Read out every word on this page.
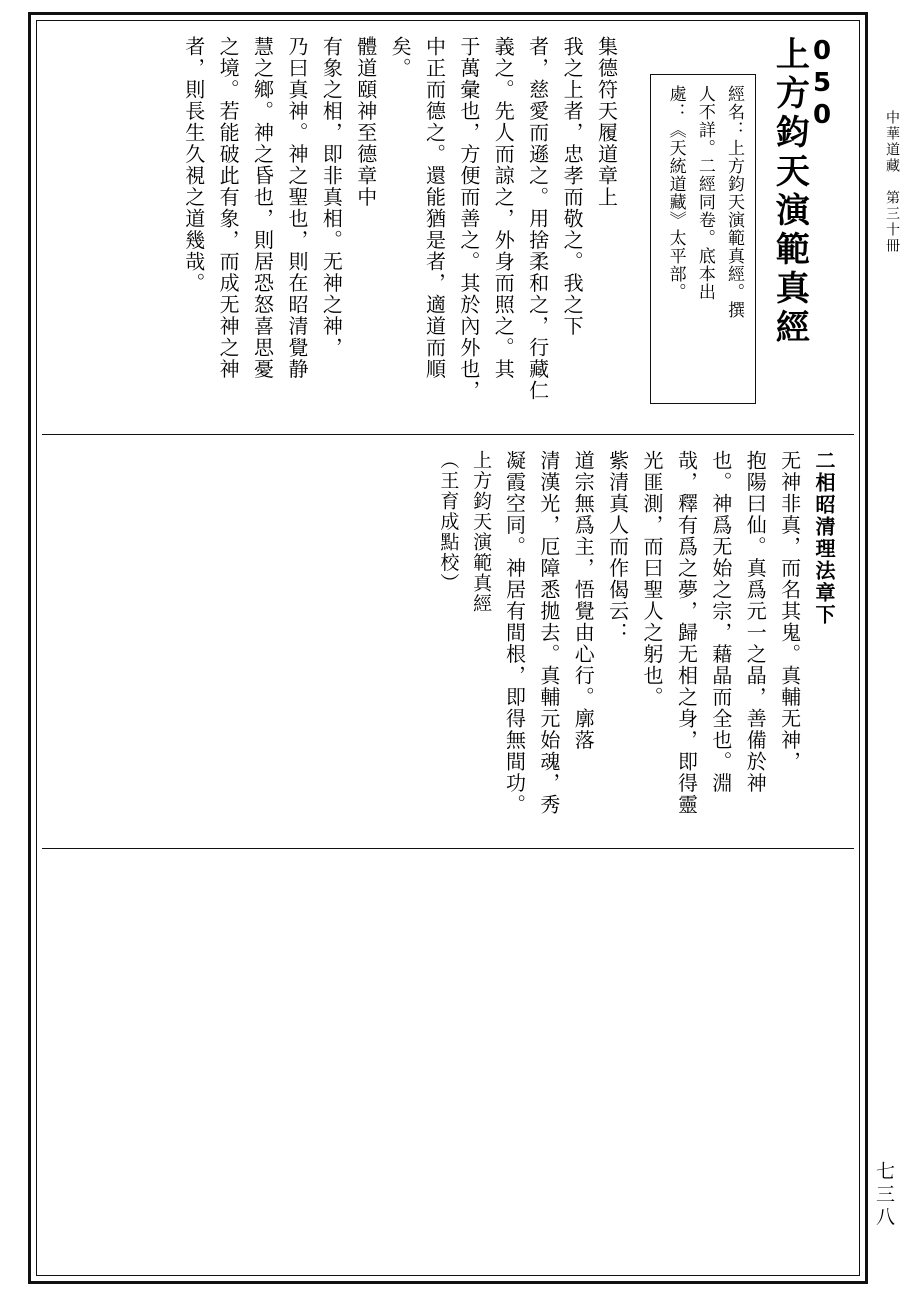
中華道藏　第三十冊
七三八
050
上方鈞天演範真經
經名：上方鈞天演範真經。撰
人不詳。二經同卷。底本出
處：《天統道藏》太平部。
集德符天履道章上
我之上者，忠孝而敬之。我之下
者，慈愛而遜之。用捨柔和之，行藏仁
義之。先人而諒之，外身而照之。其
于萬彙也，方便而善之。其於內外也，
中正而德之。還能猶是者，適道而順
矣。
體道頤神至德章中
有象之相，即非真相。无神之神，
乃曰真神。神之聖也，則在昭清覺静
慧之鄉。神之昏也，則居恐怒喜思憂
之境。若能破此有象，而成无神之神
者，則長生久視之道幾哉。
二相昭清理法章下
无神非真，而名其鬼。真輔无神，
抱陽曰仙。真爲元一之晶，善備於神
也。神爲无始之宗，藉晶而全也。淵
哉，釋有爲之夢，歸无相之身，即得靈
光匪測，而曰聖人之躬也。
紫清真人而作偈云：
道宗無爲主，悟覺由心行。廓落
清漢光，厄障悉拋去。真輔元始魂，秀
凝霞空同。神居有間根，即得無間功。
上方鈞天演範真經
（王育成點校）
